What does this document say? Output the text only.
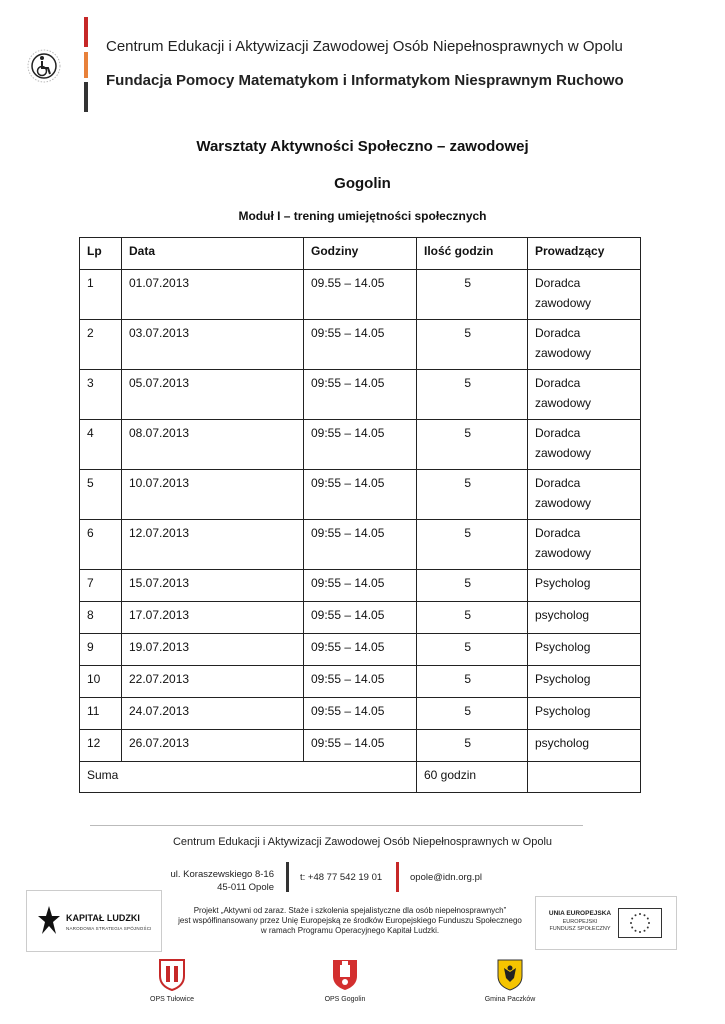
Centrum Edukacji i Aktywizacji Zawodowej Osób Niepełnosprawnych w Opolu
Fundacja Pomocy Matematykom i Informatykom Niesprawnym Ruchowo
Warsztaty Aktywności Społeczno – zawodowej
Gogolin
Moduł I – trening umiejętności społecznych
Lp	Data	Godziny	Ilość godzin	Prowadzący
1	01.07.2013	09.55 – 14.05	5	Doradca
zawodowy
2	03.07.2013	09:55 – 14.05	5	Doradca
zawodowy
3	05.07.2013	09:55 – 14.05	5	Doradca
zawodowy
4	08.07.2013	09:55 – 14.05	5	Doradca
zawodowy
5	10.07.2013	09:55 – 14.05	5	Doradca
zawodowy
6	12.07.2013	09:55 – 14.05	5	Doradca
zawodowy
7	15.07.2013	09:55 – 14.05	5	Psycholog
8	17.07.2013	09:55 – 14.05	5	psycholog
9	19.07.2013	09:55 – 14.05	5	Psycholog
10	22.07.2013	09:55 – 14.05	5	Psycholog
11	24.07.2013	09:55 – 14.05	5	Psycholog
12	26.07.2013	09:55 – 14.05	5	psycholog
Suma			60 godzin	
Centrum Edukacji i Aktywizacji Zawodowej Osób Niepełnosprawnych w Opolu
ul. Koraszewskiego 8-16
45-011 Opole
t: +48 77 542 19 01	opole@idn.org.pl
KAPITAŁ LUDZKI
NARODOWA STRATEGIA SPÓJNOŚCI
Projekt „Aktywni od zaraz. Staże i szkolenia spejalistyczne dla osób niepełnosprawnych”
jest współfinansowany przez Unię Europejską ze środków Europejskiego Funduszu Społecznego
w ramach Programu Operacyjnego Kapitał Ludzki.
UNIA EUROPEJSKA
EUROPEJSKI
FUNDUSZ SPOŁECZNY
OPS Tułowice	OPS Gogolin	Gmina Paczków
